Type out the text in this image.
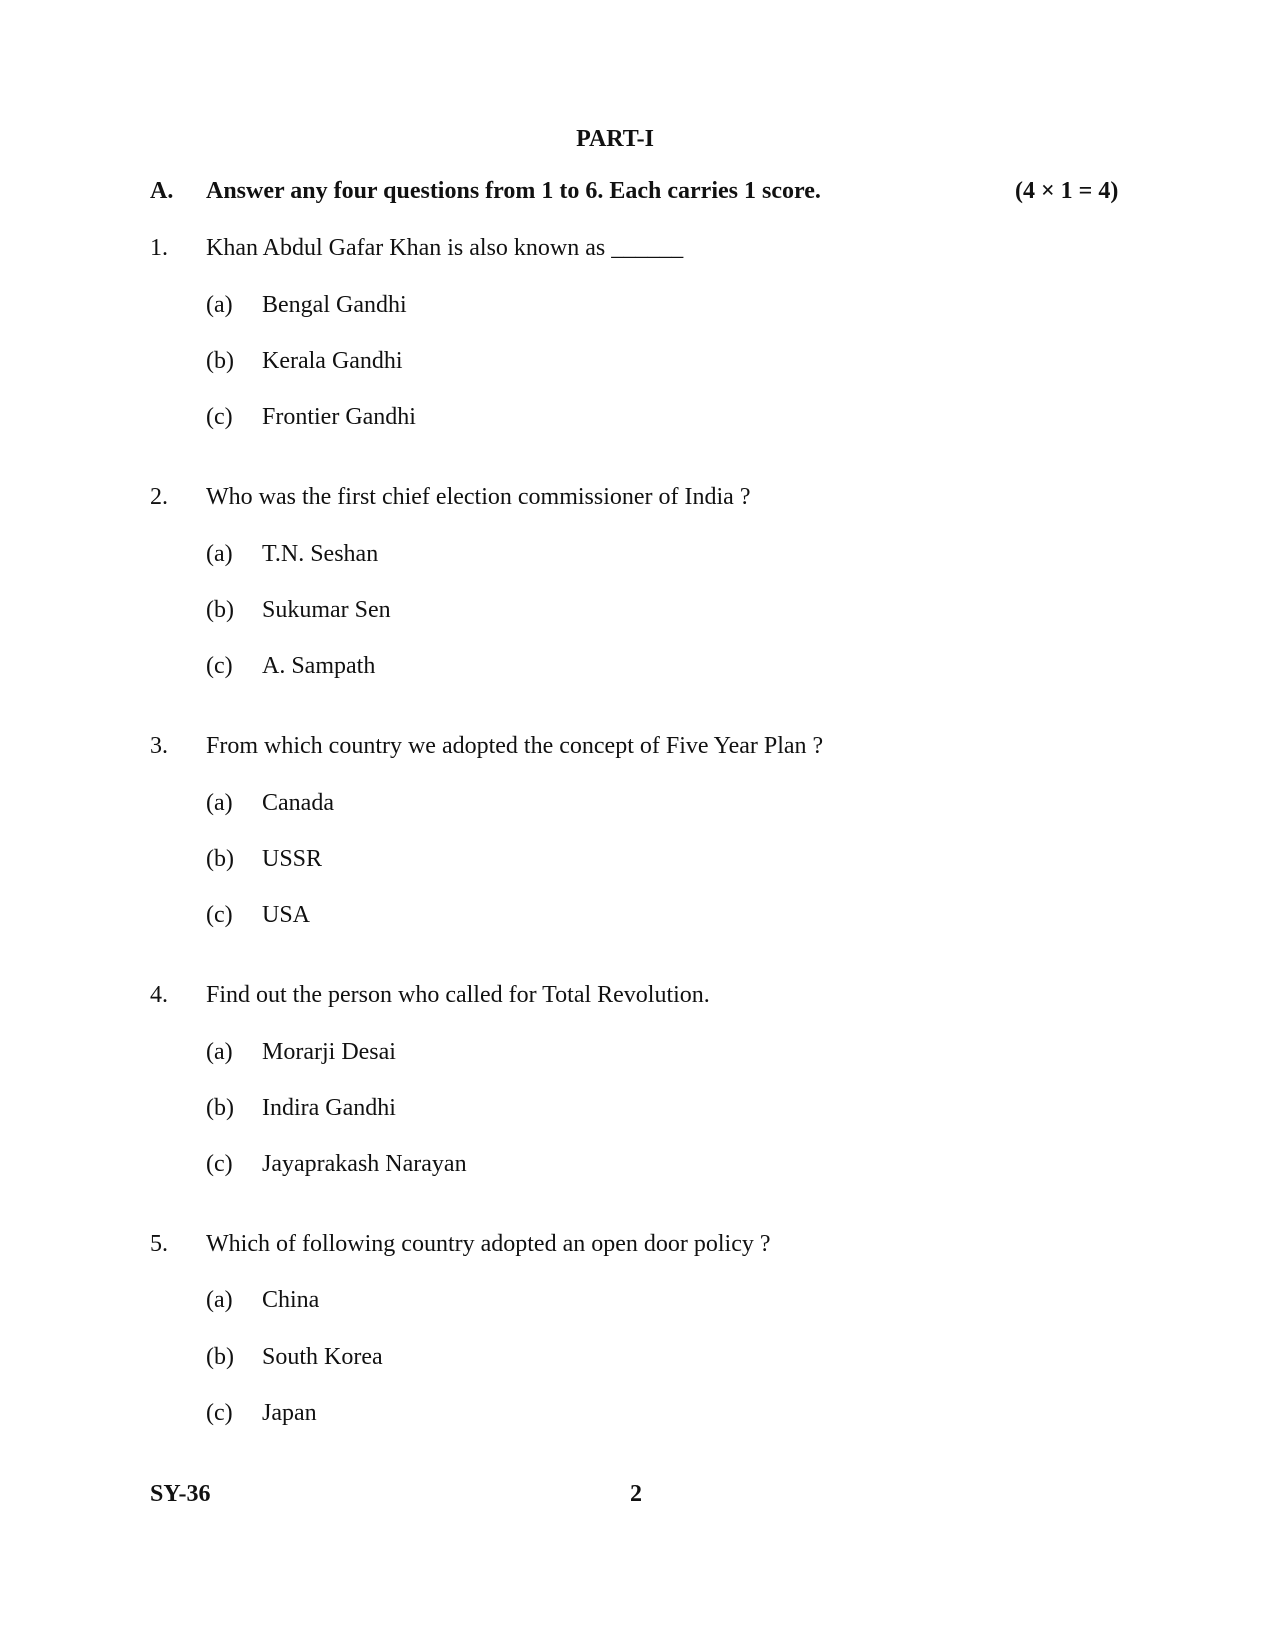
PART-I
A. Answer any four questions from 1 to 6. Each carries 1 score.	(4 × 1 = 4)
1. Khan Abdul Gafar Khan is also known as ______
(a) Bengal Gandhi
(b) Kerala Gandhi
(c) Frontier Gandhi
2. Who was the first chief election commissioner of India ?
(a) T.N. Seshan
(b) Sukumar Sen
(c) A. Sampath
3. From which country we adopted the concept of Five Year Plan ?
(a) Canada
(b) USSR
(c) USA
4. Find out the person who called for Total Revolution.
(a) Morarji Desai
(b) Indira Gandhi
(c) Jayaprakash Narayan
5. Which of following country adopted an open door policy ?
(a) China
(b) South Korea
(c) Japan
SY-36	2
